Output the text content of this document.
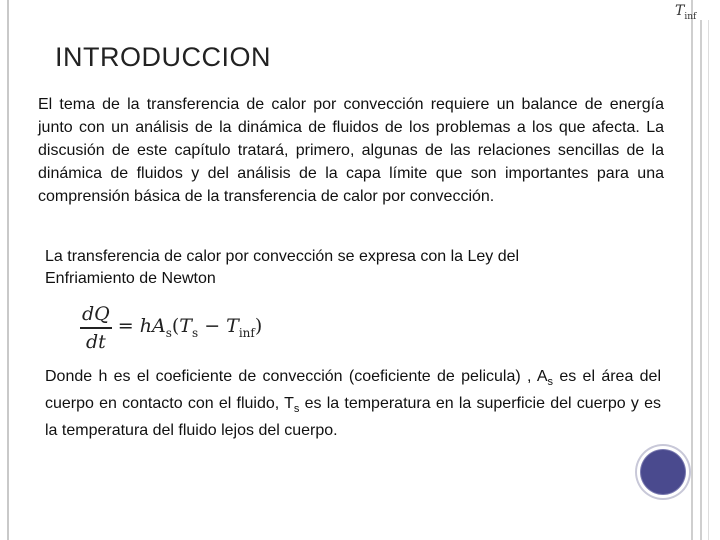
$T_{inf}$
INTRODUCCION
El tema de la transferencia de calor por convección requiere un balance de energía junto con un análisis de la dinámica de fluidos de los problemas a los que afecta. La discusión de este capítulo tratará, primero, algunas de las relaciones sencillas de la dinámica de fluidos y del análisis de la capa límite que son importantes para una comprensión básica de la transferencia de calor por convección.
La transferencia de calor por convección se expresa con la Ley del Enfriamiento de Newton
$\frac{dQ}{dt} = hA_s(T_s - T_{inf})$
Donde h es el coeficiente de convección (coeficiente de pelicula) , $A_s$ es el área del cuerpo en contacto con el fluido, $T_s$ es la temperatura en la superficie del cuerpo y es la temperatura del fluido lejos del cuerpo.
